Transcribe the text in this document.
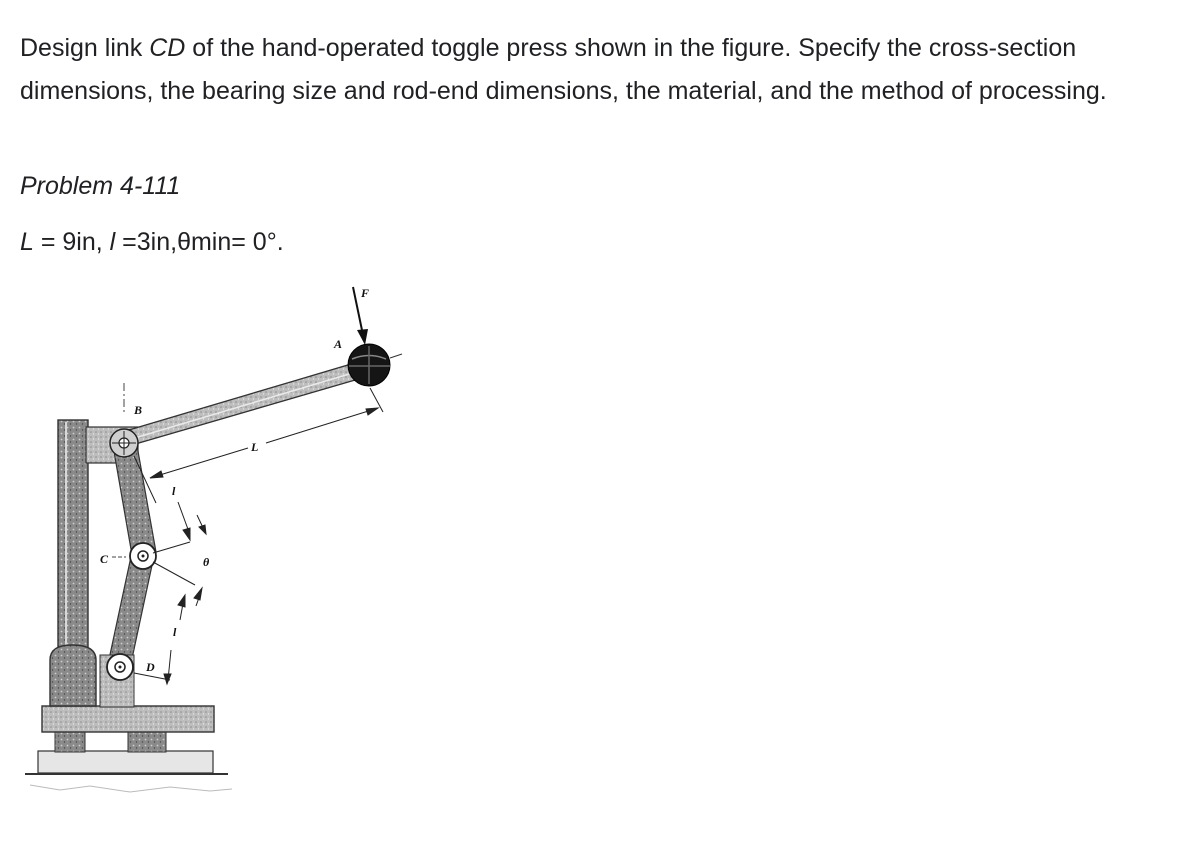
Design link CD of the hand-operated toggle press shown in the figure. Specify the cross-section dimensions, the bearing size and rod-end dimensions, the material, and the method of processing.

Problem 4-111

L = 9in, l =3in,θmin= 0°.

F
A
B
C
D
L
l
l
θ
